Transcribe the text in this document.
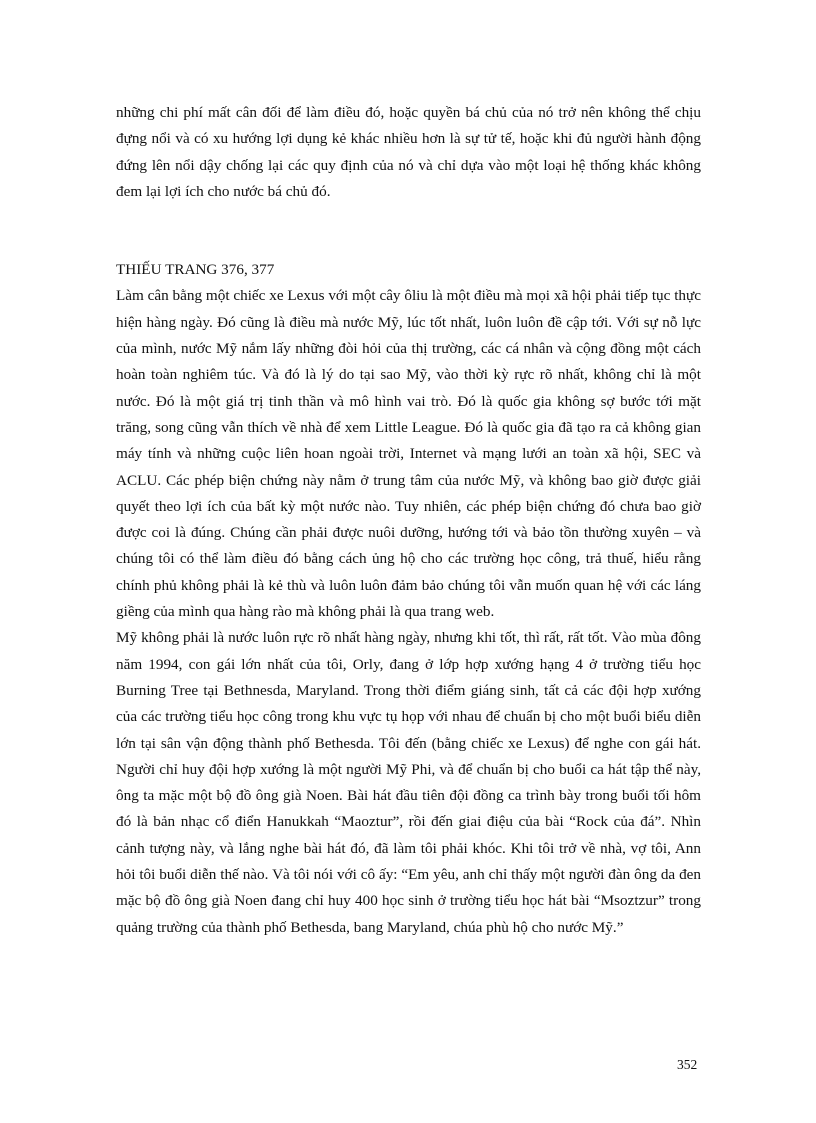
những chi phí mất cân đối để làm điều đó, hoặc quyền bá chủ của nó trở nên không thể chịu đựng nổi và có xu hướng lợi dụng kẻ khác nhiều hơn là sự tử tế, hoặc khi đủ người hành động đứng lên nổi dậy chống lại các quy định của nó và chỉ dựa vào một loại hệ thống khác không đem lại lợi ích cho nước bá chủ đó.

THIẾU TRANG 376, 377

Làm cân bằng một chiếc xe Lexus với một cây ôliu là một điều mà mọi xã hội phải tiếp tục thực hiện hàng ngày. Đó cũng là điều mà nước Mỹ, lúc tốt nhất, luôn luôn đề cập tới. Với sự nỗ lực của mình, nước Mỹ nắm lấy những đòi hỏi của thị trường, các cá nhân và cộng đồng một cách hoàn toàn nghiêm túc. Và đó là lý do tại sao Mỹ, vào thời kỳ rực rõ nhất, không chỉ là một nước. Đó là một giá trị tinh thần và mô hình vai trò. Đó là quốc gia không sợ bước tới mặt trăng, song cũng vẫn thích về nhà để xem Little League. Đó là quốc gia đã tạo ra cả không gian máy tính và những cuộc liên hoan ngoài trời, Internet và mạng lưới an toàn xã hội, SEC và ACLU. Các phép biện chứng này nằm ở trung tâm của nước Mỹ, và không bao giờ được giải quyết theo lợi ích của bất kỳ một nước nào. Tuy nhiên, các phép biện chứng đó chưa bao giờ được coi là đúng. Chúng cần phải được nuôi dưỡng, hướng tới và bảo tồn thường xuyên – và chúng tôi có thể làm điều đó bằng cách ủng hộ cho các trường học công, trả thuế, hiểu rằng chính phủ không phải là kẻ thù và luôn luôn đảm bảo chúng tôi vẫn muốn quan hệ với các láng giềng của mình qua hàng rào mà không phải là qua trang web.

Mỹ không phải là nước luôn rực rõ nhất hàng ngày, nhưng khi tốt, thì rất, rất tốt. Vào mùa đông năm 1994, con gái lớn nhất của tôi, Orly, đang ở lớp hợp xướng hạng 4 ở trường tiểu học Burning Tree tại Bethnesda, Maryland. Trong thời điểm giáng sinh, tất cả các đội hợp xướng của các trường tiểu học công trong khu vực tụ họp với nhau để chuẩn bị cho một buổi biểu diễn lớn tại sân vận động thành phố Bethesda. Tôi đến (bằng chiếc xe Lexus) để nghe con gái hát. Người chỉ huy đội hợp xướng là một người Mỹ Phi, và để chuẩn bị cho buổi ca hát tập thể này, ông ta mặc một bộ đồ ông già Noen. Bài hát đầu tiên đội đồng ca trình bày trong buổi tối hôm đó là bản nhạc cổ điển Hanukkah “Maoztur”, rồi đến giai điệu của bài “Rock của đá”. Nhìn cảnh tượng này, và lắng nghe bài hát đó, đã làm tôi phải khóc. Khi tôi trở về nhà, vợ tôi, Ann hỏi tôi buổi diễn thế nào. Và tôi nói với cô ấy: “Em yêu, anh chỉ thấy một người đàn ông da đen mặc bộ đồ ông già Noen đang chỉ huy 400 học sinh ở trường tiểu học hát bài “Msoztzur” trong quảng trường của thành phố Bethesda, bang Maryland, chúa phù hộ cho nước Mỹ.”

352
